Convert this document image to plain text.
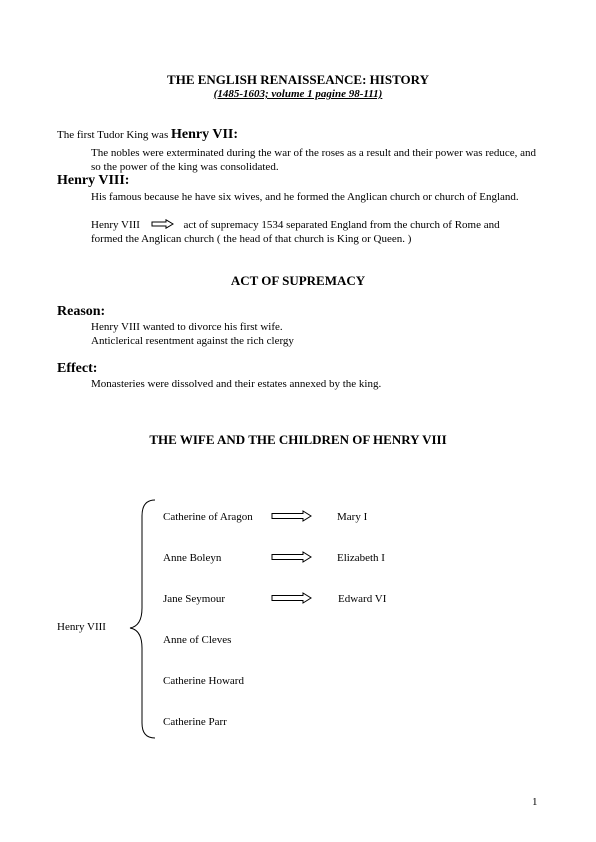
THE ENGLISH RENAISSEANCE: HISTORY
(1485-1603; volume 1 pagine 98-111)
The first Tudor King was Henry VII:
The nobles were exterminated during the war of the roses as a result and their power was reduce, and so the power of the king was consolidated.
Henry VIII:
His famous because he have six wives, and he formed the Anglican church or church of England.
Henry VIII	act of supremacy 1534 separated England from the church of Rome and
formed the Anglican church ( the head of that church is King or Queen. )
ACT OF SUPREMACY
Reason:
Henry VIII wanted to divorce his first wife.
Anticlerical resentment against the rich clergy
Effect:
Monasteries were dissolved and their estates annexed by the king.
THE WIFE AND THE CHILDREN OF HENRY VIII
Henry VIII
Catherine of Aragon
Anne Boleyn
Jane Seymour
Anne of Cleves
Catherine Howard
Catherine Parr
Mary I
Elizabeth I
Edward VI
1
